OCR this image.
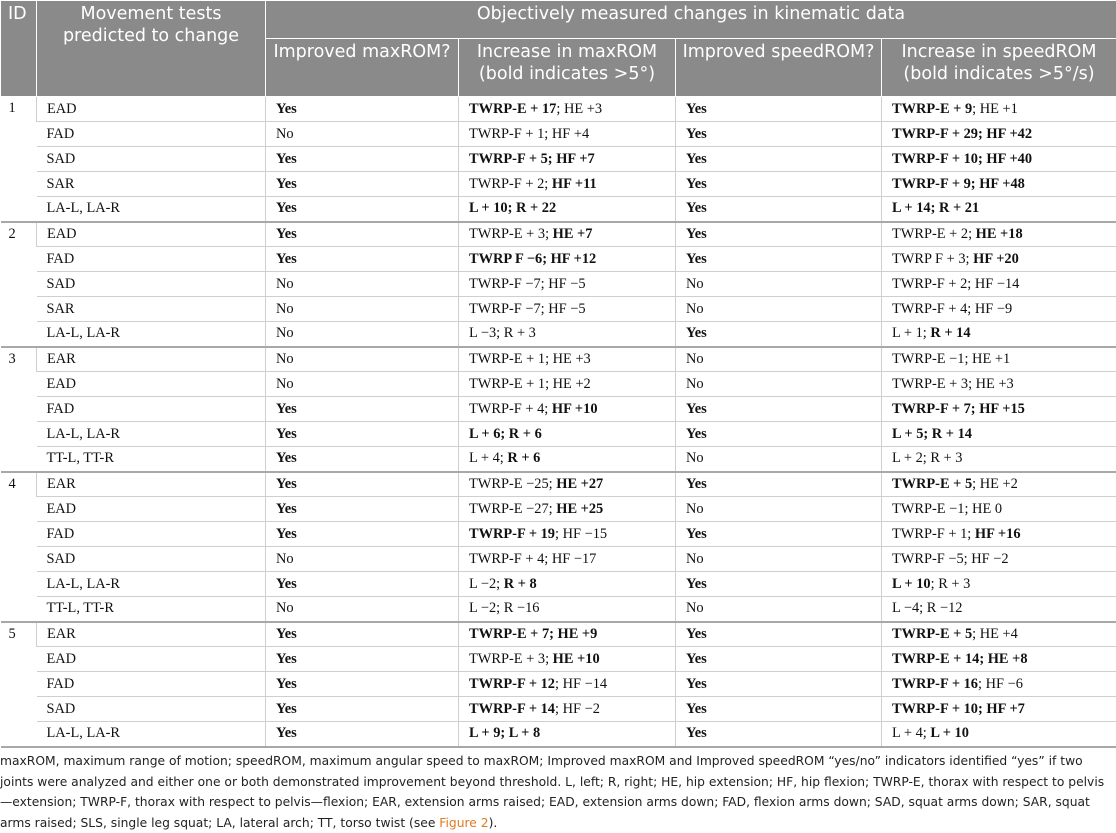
ID	Movement tests predicted to change	Objectively measured changes in kinematic data			
		Improved maxROM?	Increase in maxROM (bold indicates >5°)	Improved speedROM?	Increase in speedROM (bold indicates >5°/s)
1	EAD	Yes	TWRP-E + 17; HE +3	Yes	TWRP-E + 9; HE +1
	FAD	No	TWRP-F + 1; HF +4	Yes	TWRP-F + 29; HF +42
	SAD	Yes	TWRP-F + 5; HF +7	Yes	TWRP-F + 10; HF +40
	SAR	Yes	TWRP-F + 2; HF +11	Yes	TWRP-F + 9; HF +48
	LA-L, LA-R	Yes	L + 10; R + 22	Yes	L + 14; R + 21
2	EAD	Yes	TWRP-E + 3; HE +7	Yes	TWRP-E + 2; HE +18
	FAD	Yes	TWRP F −6; HF +12	Yes	TWRP F + 3; HF +20
	SAD	No	TWRP-F −7; HF −5	No	TWRP-F + 2; HF −14
	SAR	No	TWRP-F −7; HF −5	No	TWRP-F + 4; HF −9
	LA-L, LA-R	No	L −3; R + 3	Yes	L + 1; R + 14
3	EAR	No	TWRP-E + 1; HE +3	No	TWRP-E −1; HE +1
	EAD	No	TWRP-E + 1; HE +2	No	TWRP-E + 3; HE +3
	FAD	Yes	TWRP-F + 4; HF +10	Yes	TWRP-F + 7; HF +15
	LA-L, LA-R	Yes	L + 6; R + 6	Yes	L + 5; R + 14
	TT-L, TT-R	Yes	L + 4; R + 6	No	L + 2; R + 3
4	EAR	Yes	TWRP-E −25; HE +27	Yes	TWRP-E + 5; HE +2
	EAD	Yes	TWRP-E −27; HE +25	No	TWRP-E −1; HE 0
	FAD	Yes	TWRP-F + 19; HF −15	Yes	TWRP-F + 1; HF +16
	SAD	No	TWRP-F + 4; HF −17	No	TWRP-F −5; HF −2
	LA-L, LA-R	Yes	L −2; R + 8	Yes	L + 10; R + 3
	TT-L, TT-R	No	L −2; R −16	No	L −4; R −12
5	EAR	Yes	TWRP-E + 7; HE +9	Yes	TWRP-E + 5; HE +4
	EAD	Yes	TWRP-E + 3; HE +10	Yes	TWRP-E + 14; HE +8
	FAD	Yes	TWRP-F + 12; HF −14	Yes	TWRP-F + 16; HF −6
	SAD	Yes	TWRP-F + 14; HF −2	Yes	TWRP-F + 10; HF +7
	LA-L, LA-R	Yes	L + 9; L + 8	Yes	L + 4; L + 10

maxROM, maximum range of motion; speedROM, maximum angular speed to maxROM; Improved maxROM and Improved speedROM “yes/no” indicators identified “yes” if two joints were analyzed and either one or both demonstrated improvement beyond threshold. L, left; R, right; HE, hip extension; HF, hip flexion; TWRP-E, thorax with respect to pelvis—extension; TWRP-F, thorax with respect to pelvis—flexion; EAR, extension arms raised; EAD, extension arms down; FAD, flexion arms down; SAD, squat arms down; SAR, squat arms raised; SLS, single leg squat; LA, lateral arch; TT, torso twist (see Figure 2).
